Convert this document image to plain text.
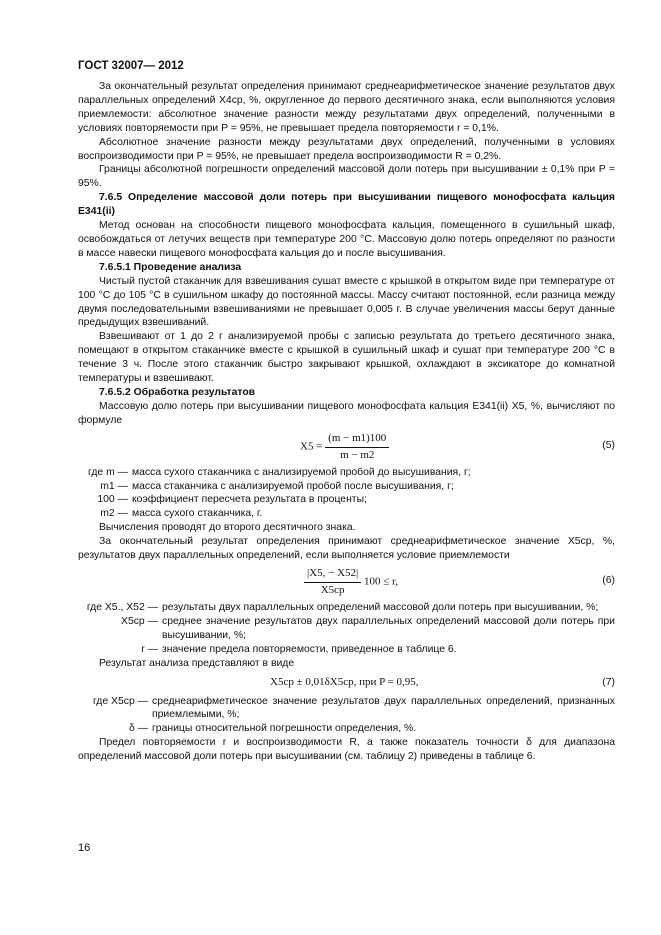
ГОСТ 32007— 2012

За окончательный результат определения принимают среднеарифметическое значение результатов двух параллельных определений X4ср, %, округленное до первого десятичного знака, если выполняются условия приемлемости: абсолютное значение разности между результатами двух определений, полученными в условиях повторяемости при P = 95%, не превышает предела повторяемости r = 0,1%.

Абсолютное значение разности между результатами двух определений, полученными в условиях воспроизводимости при P = 95%, не превышает предела воспроизводимости R = 0,2%.

Границы абсолютной погрешности определений массовой доли потерь при высушивании ± 0,1% при P = 95%.

7.6.5 Определение массовой доли потерь при высушивании пищевого монофосфата кальция Е341(ii)

Метод основан на способности пищевого монофосфата кальция, помещенного в сушильный шкаф, освобождаться от летучих веществ при температуре 200 °С. Массовую долю потерь определяют по разности в массе навески пищевого монофосфата кальция до и после высушивания.

7.6.5.1 Проведение анализа

Чистый пустой стаканчик для взвешивания сушат вместе с крышкой в открытом виде при температуре от 100 °С до 105 °С в сушильном шкафу до постоянной массы. Массу считают постоянной, если разница между двумя последовательными взвешиваниями не превышает 0,005 г. В случае увеличения массы берут данные предыдущих взвешиваний.

Взвешивают от 1 до 2 г анализируемой пробы с записью результата до третьего десятичного знака, помещают в открытом стаканчике вместе с крышкой в сушильный шкаф и сушат при температуре 200 °С в течение 3 ч. После этого стаканчик быстро закрывают крышкой, охлаждают в эксикаторе до комнатной температуры и взвешивают.

7.6.5.2 Обработка результатов

Массовую долю потерь при высушивании пищевого монофосфата кальция Е341(ii) X5, %, вычисляют по формуле

$X5 = \frac{(m - m1)100}{m - m2}$	(5)
где m — масса сухого стаканчика с анализируемой пробой до высушивания, г;
m1 — масса стаканчика с анализируемой пробой после высушивания, г;
100 — коэффициент пересчета результата в проценты;
m2 — масса сухого стаканчика, г.

Вычисления проводят до второго десятичного знака.

За окончательный результат определения принимают среднеарифметическое значение X5ср, %, результатов двух параллельных определений, если выполняется условие приемлемости

$\frac{|X5, - X52|}{X5ср} 100 \le r$,	(6)
где X5., X52 — результаты двух параллельных определений массовой доли потерь при высушивании, %;
X5ср — среднее значение результатов двух параллельных определений массовой доли потерь при высушивании, %;
r — значение предела повторяемости, приведенное в таблице 6.

Результат анализа представляют в виде

X5ср ± 0,01δX5ср, при P = 0,95,	(7)
где X5ср — среднеарифметическое значение результатов двух параллельных определений, признанных приемлемыми, %;
δ — границы относительной погрешности определения, %.

Предел повторяемости r и воспроизводимости R, а также показатель точности δ для диапазона определений массовой доли потерь при высушивании (см. таблицу 2) приведены в таблице 6.

16
